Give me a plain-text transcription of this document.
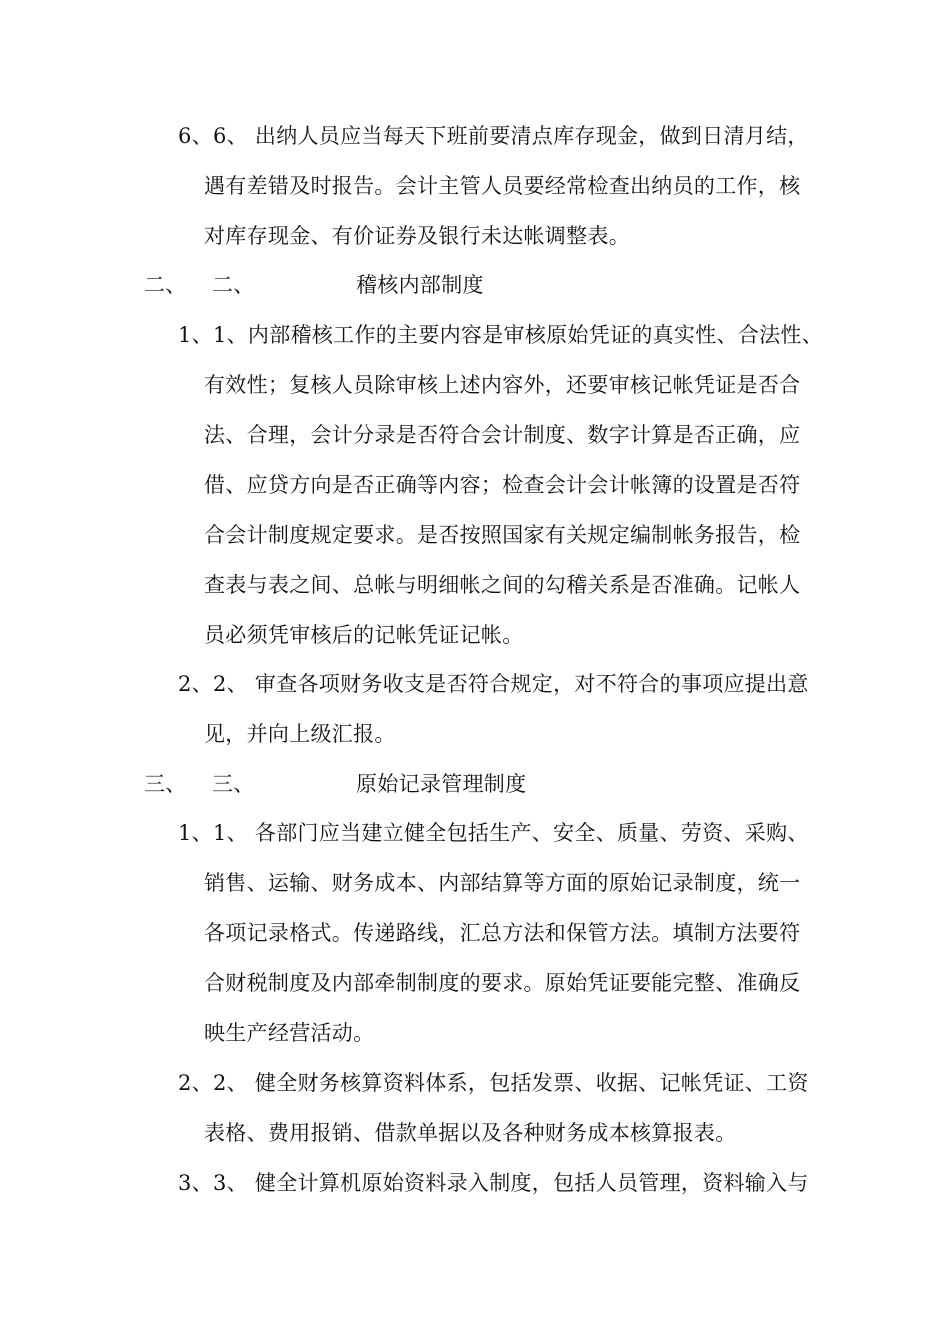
6、6、 出纳人员应当每天下班前要清点库存现金，做到日清月结，
遇有差错及时报告。会计主管人员要经常检查出纳员的工作，核
对库存现金、有价证券及银行未达帐调整表。
二、 二、	稽核内部制度
1、1、内部稽核工作的主要内容是审核原始凭证的真实性、合法性、
有效性；复核人员除审核上述内容外，还要审核记帐凭证是否合
法、合理，会计分录是否符合会计制度、数字计算是否正确，应
借、应贷方向是否正确等内容；检查会计会计帐簿的设置是否符
合会计制度规定要求。是否按照国家有关规定编制帐务报告，检
查表与表之间、总帐与明细帐之间的勾稽关系是否准确。记帐人
员必须凭审核后的记帐凭证记帐。
2、2、 审查各项财务收支是否符合规定，对不符合的事项应提出意
见，并向上级汇报。
三、 三、	原始记录管理制度
1、1、 各部门应当建立健全包括生产、安全、质量、劳资、采购、
销售、运输、财务成本、内部结算等方面的原始记录制度，统一
各项记录格式。传递路线，汇总方法和保管方法。填制方法要符
合财税制度及内部牵制制度的要求。原始凭证要能完整、准确反
映生产经营活动。
2、2、 健全财务核算资料体系，包括发票、收据、记帐凭证、工资
表格、费用报销、借款单据以及各种财务成本核算报表。
3、3、 健全计算机原始资料录入制度，包括人员管理，资料输入与
